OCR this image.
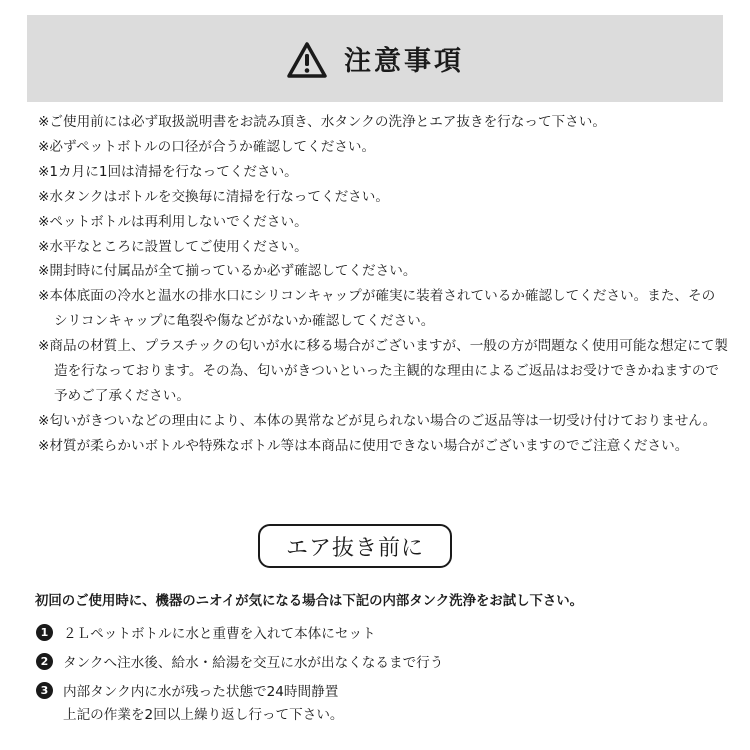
注意事項
※ご使用前には必ず取扱説明書をお読み頂き、水タンクの洗浄とエア抜きを行なって下さい。
※必ずペットボトルの口径が合うか確認してください。
※1カ月に1回は清掃を行なってください。
※水タンクはボトルを交換毎に清掃を行なってください。
※ペットボトルは再利用しないでください。
※水平なところに設置してご使用ください。
※開封時に付属品が全て揃っているか必ず確認してください。
※本体底面の冷水と温水の排水口にシリコンキャップが確実に装着されているか確認してください。また、そのシリコンキャップに亀裂や傷などがないか確認してください。
※商品の材質上、プラスチックの匂いが水に移る場合がございますが、一般の方が問題なく使用可能な想定にて製造を行なっております。その為、匂いがきついといった主観的な理由によるご返品はお受けできかねますので予めご了承ください。
※匂いがきついなどの理由により、本体の異常などが見られない場合のご返品等は一切受け付けておりません。
※材質が柔らかいボトルや特殊なボトル等は本商品に使用できない場合がございますのでご注意ください。
エア抜き前に
初回のご使用時に、機器のニオイが気になる場合は下記の内部タンク洗浄をお試し下さい。
1	２Ｌペットボトルに水と重曹を入れて本体にセット
2	タンクへ注水後、給水・給湯を交互に水が出なくなるまで行う
3	内部タンク内に水が残った状態で24時間静置
上記の作業を2回以上繰り返し行って下さい。
